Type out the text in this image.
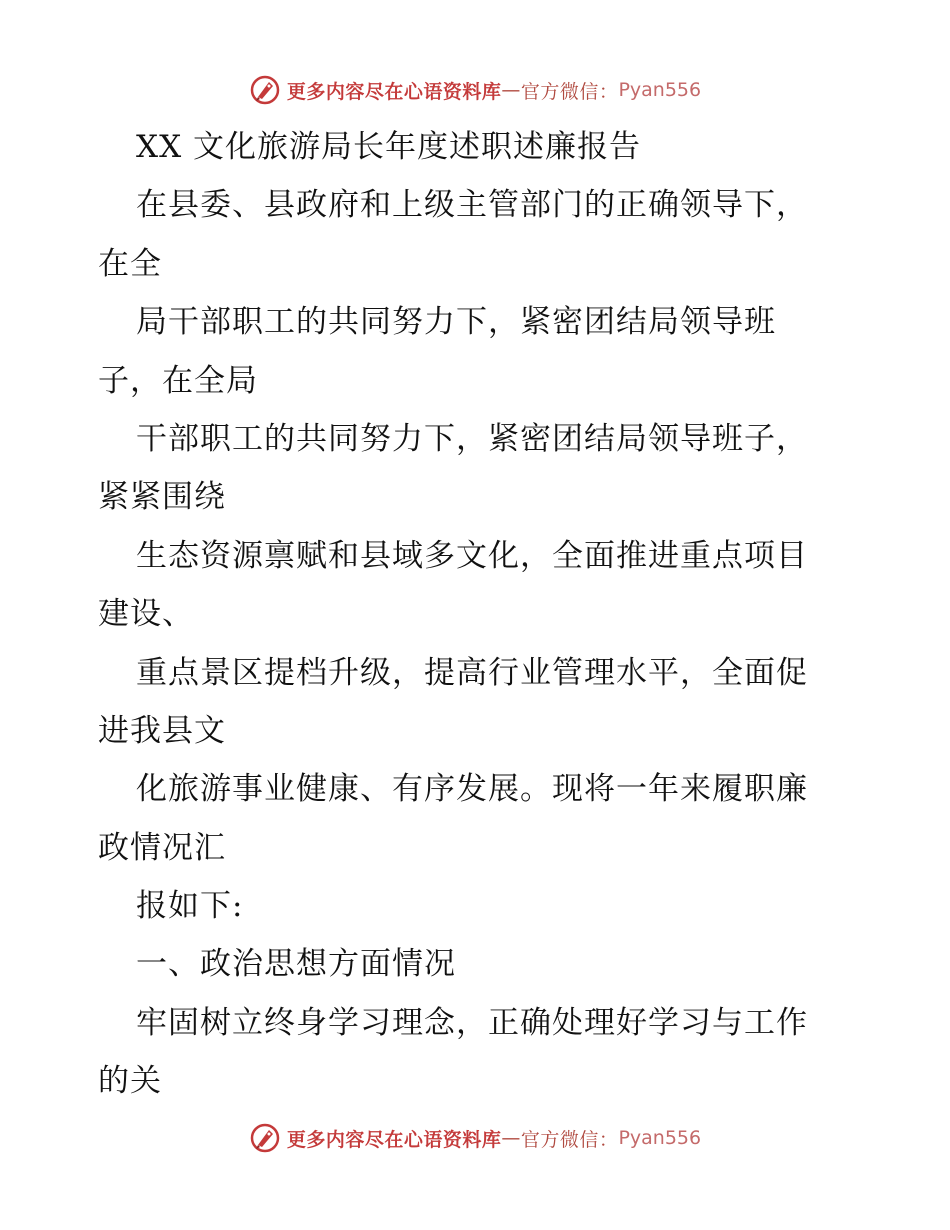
更多内容尽在心语资料库 — 官方微信： Pyan556
XX 文化旅游局长年度述职述廉报告
在县委、县政府和上级主管部门的正确领导下，
在全
局干部职工的共同努力下，紧密团结局领导班
子，在全局
干部职工的共同努力下，紧密团结局领导班子，
紧紧围绕
生态资源禀赋和县域多文化，全面推进重点项目
建设、
重点景区提档升级，提高行业管理水平，全面促
进我县文
化旅游事业健康、有序发展。现将一年来履职廉
政情况汇
报如下:
一、政治思想方面情况
牢固树立终身学习理念，正确处理好学习与工作
的关
更多内容尽在心语资料库 — 官方微信： Pyan556
